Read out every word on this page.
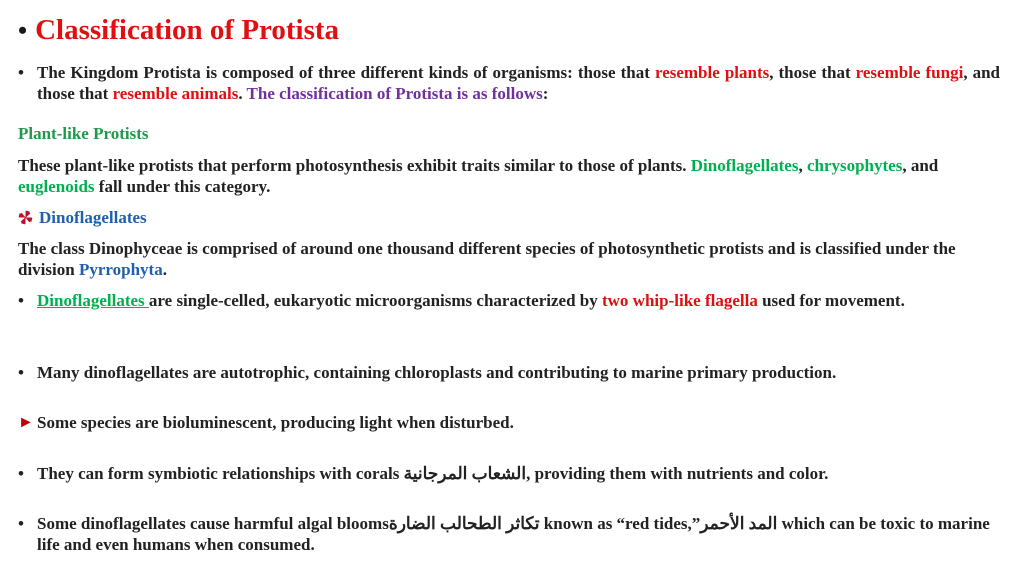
• Classification of Protista
• The Kingdom Protista is composed of three different kinds of organisms: those that resemble plants, those that resemble fungi, and those that resemble animals. The classification of Protista is as follows:
Plant-like Protists
These plant-like protists that perform photosynthesis exhibit traits similar to those of plants. Dinoflagellates, chrysophytes, and euglenoids fall under this category.
Dinoflagellates
The class Dinophyceae is comprised of around one thousand different species of photosynthetic protists and is classified under the division Pyrrophyta.
• Dinoflagellates are single-celled, eukaryotic microorganisms characterized by two whip-like flagella used for movement.
• Many dinoflagellates are autotrophic, containing chloroplasts and contributing to marine primary production.
► Some species are bioluminescent, producing light when disturbed.
• They can form symbiotic relationships with corals الشعاب المرجانية, providing them with nutrients and color.
• Some dinoflagellates cause harmful algal bloomsتكاثر الطحالب الضارة known as “red tides,”المد الأحمر which can be toxic to marine life and even humans when consumed.
